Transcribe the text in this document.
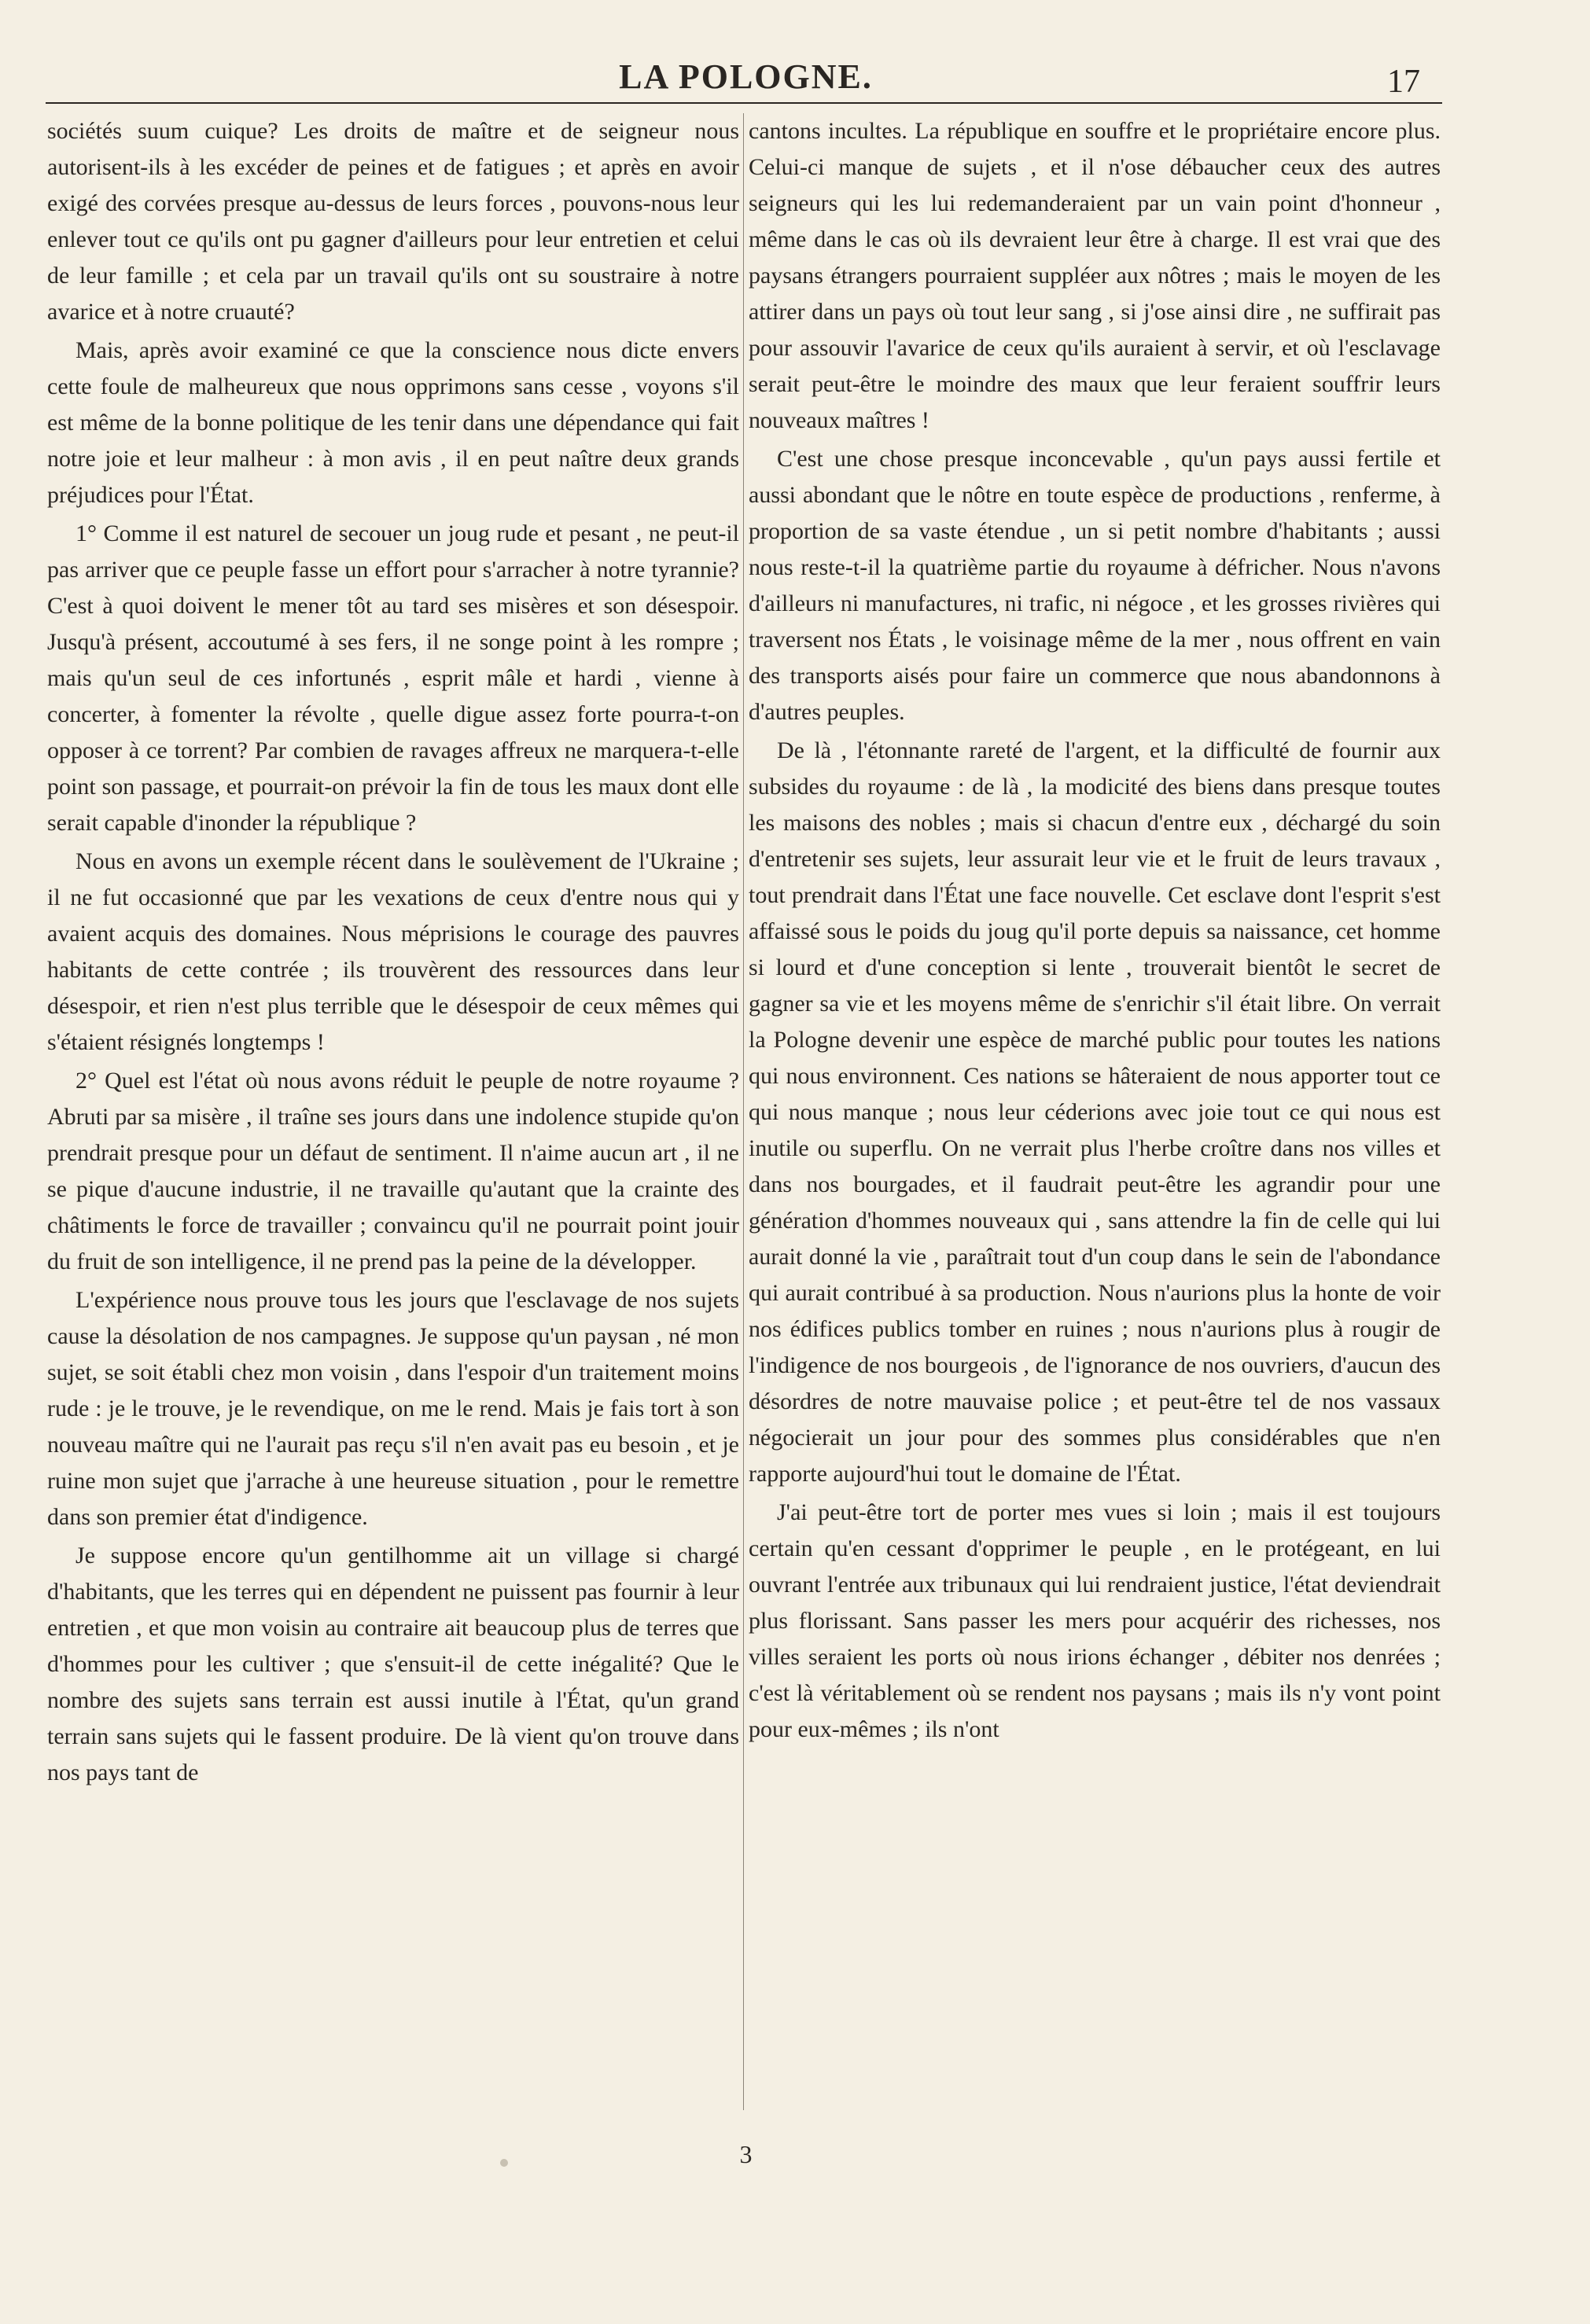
LA POLOGNE.	17

sociétés suum cuique? Les droits de maître et de seigneur nous autorisent-ils à les excéder de peines et de fatigues ; et après en avoir exigé des corvées presque au-dessus de leurs forces , pouvons-nous leur enlever tout ce qu'ils ont pu gagner d'ailleurs pour leur entretien et celui de leur famille ; et cela par un travail qu'ils ont su soustraire à notre avarice et à notre cruauté?

Mais, après avoir examiné ce que la conscience nous dicte envers cette foule de malheureux que nous opprimons sans cesse , voyons s'il est même de la bonne politique de les tenir dans une dépendance qui fait notre joie et leur malheur : à mon avis , il en peut naître deux grands préjudices pour l'État.

1° Comme il est naturel de secouer un joug rude et pesant , ne peut-il pas arriver que ce peuple fasse un effort pour s'arracher à notre tyrannie? C'est à quoi doivent le mener tôt au tard ses misères et son désespoir. Jusqu'à présent, accoutumé à ses fers, il ne songe point à les rompre ; mais qu'un seul de ces infortunés , esprit mâle et hardi , vienne à concerter, à fomenter la révolte , quelle digue assez forte pourra-t-on opposer à ce torrent? Par combien de ravages affreux ne marquera-t-elle point son passage, et pourrait-on prévoir la fin de tous les maux dont elle serait capable d'inonder la république ?

Nous en avons un exemple récent dans le soulèvement de l'Ukraine ; il ne fut occasionné que par les vexations de ceux d'entre nous qui y avaient acquis des domaines. Nous méprisions le courage des pauvres habitants de cette contrée ; ils trouvèrent des ressources dans leur désespoir, et rien n'est plus terrible que le désespoir de ceux mêmes qui s'étaient résignés longtemps !

2° Quel est l'état où nous avons réduit le peuple de notre royaume ? Abruti par sa misère , il traîne ses jours dans une indolence stupide qu'on prendrait presque pour un défaut de sentiment. Il n'aime aucun art , il ne se pique d'aucune industrie, il ne travaille qu'autant que la crainte des châtiments le force de travailler ; convaincu qu'il ne pourrait point jouir du fruit de son intelligence, il ne prend pas la peine de la développer.

L'expérience nous prouve tous les jours que l'esclavage de nos sujets cause la désolation de nos campagnes. Je suppose qu'un paysan , né mon sujet, se soit établi chez mon voisin , dans l'espoir d'un traitement moins rude : je le trouve, je le revendique, on me le rend. Mais je fais tort à son nouveau maître qui ne l'aurait pas reçu s'il n'en avait pas eu besoin , et je ruine mon sujet que j'arrache à une heureuse situation , pour le remettre dans son premier état d'indigence.

Je suppose encore qu'un gentilhomme ait un village si chargé d'habitants, que les terres qui en dépendent ne puissent pas fournir à leur entretien , et que mon voisin au contraire ait beaucoup plus de terres que d'hommes pour les cultiver ; que s'ensuit-il de cette inégalité? Que le nombre des sujets sans terrain est aussi inutile à l'État, qu'un grand terrain sans sujets qui le fassent produire. De là vient qu'on trouve dans nos pays tant de

cantons incultes. La république en souffre et le propriétaire encore plus. Celui-ci manque de sujets , et il n'ose débaucher ceux des autres seigneurs qui les lui redemanderaient par un vain point d'honneur , même dans le cas où ils devraient leur être à charge. Il est vrai que des paysans étrangers pourraient suppléer aux nôtres ; mais le moyen de les attirer dans un pays où tout leur sang , si j'ose ainsi dire , ne suffirait pas pour assouvir l'avarice de ceux qu'ils auraient à servir, et où l'esclavage serait peut-être le moindre des maux que leur feraient souffrir leurs nouveaux maîtres !

C'est une chose presque inconcevable , qu'un pays aussi fertile et aussi abondant que le nôtre en toute espèce de productions , renferme, à proportion de sa vaste étendue , un si petit nombre d'habitants ; aussi nous reste-t-il la quatrième partie du royaume à défricher. Nous n'avons d'ailleurs ni manufactures, ni trafic, ni négoce , et les grosses rivières qui traversent nos États , le voisinage même de la mer , nous offrent en vain des transports aisés pour faire un commerce que nous abandonnons à d'autres peuples.

De là , l'étonnante rareté de l'argent, et la difficulté de fournir aux subsides du royaume : de là , la modicité des biens dans presque toutes les maisons des nobles ; mais si chacun d'entre eux , déchargé du soin d'entretenir ses sujets, leur assurait leur vie et le fruit de leurs travaux , tout prendrait dans l'État une face nouvelle. Cet esclave dont l'esprit s'est affaissé sous le poids du joug qu'il porte depuis sa naissance, cet homme si lourd et d'une conception si lente , trouverait bientôt le secret de gagner sa vie et les moyens même de s'enrichir s'il était libre. On verrait la Pologne devenir une espèce de marché public pour toutes les nations qui nous environnent. Ces nations se hâteraient de nous apporter tout ce qui nous manque ; nous leur céderions avec joie tout ce qui nous est inutile ou superflu. On ne verrait plus l'herbe croître dans nos villes et dans nos bourgades, et il faudrait peut-être les agrandir pour une génération d'hommes nouveaux qui , sans attendre la fin de celle qui lui aurait donné la vie , paraîtrait tout d'un coup dans le sein de l'abondance qui aurait contribué à sa production. Nous n'aurions plus la honte de voir nos édifices publics tomber en ruines ; nous n'aurions plus à rougir de l'indigence de nos bourgeois , de l'ignorance de nos ouvriers, d'aucun des désordres de notre mauvaise police ; et peut-être tel de nos vassaux négocierait un jour pour des sommes plus considérables que n'en rapporte aujourd'hui tout le domaine de l'État.

J'ai peut-être tort de porter mes vues si loin ; mais il est toujours certain qu'en cessant d'opprimer le peuple , en le protégeant, en lui ouvrant l'entrée aux tribunaux qui lui rendraient justice, l'état deviendrait plus florissant. Sans passer les mers pour acquérir des richesses, nos villes seraient les ports où nous irions échanger , débiter nos denrées ; c'est là véritablement où se rendent nos paysans ; mais ils n'y vont point pour eux-mêmes ; ils n'ont

3
